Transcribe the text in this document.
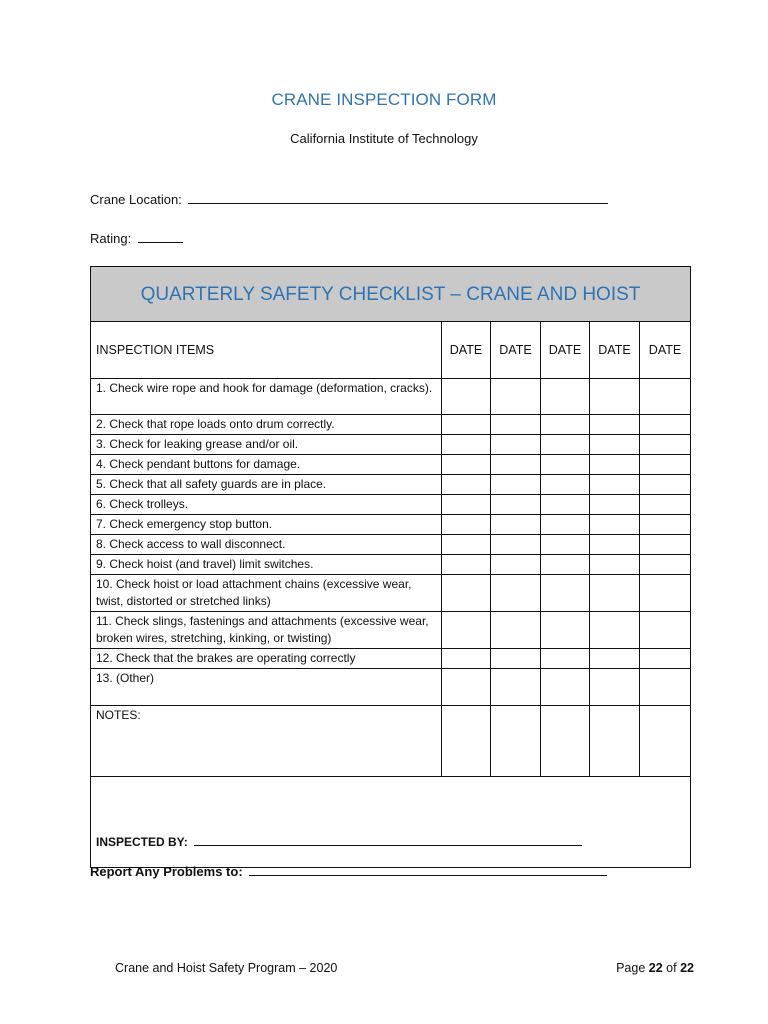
CRANE INSPECTION FORM
California Institute of Technology
Crane Location:
Rating:
QUARTERLY SAFETY CHECKLIST – CRANE AND HOIST					
INSPECTION ITEMS	DATE	DATE	DATE	DATE	DATE
1. Check wire rope and hook for damage (deformation, cracks).					
2. Check that rope loads onto drum correctly.					
3. Check for leaking grease and/or oil.					
4. Check pendant buttons for damage.					
5. Check that all safety guards are in place.					
6. Check trolleys.					
7. Check emergency stop button.					
8. Check access to wall disconnect.					
9. Check hoist (and travel) limit switches.					
10. Check hoist or load attachment chains (excessive wear, twist, distorted or stretched links)					
11. Check slings, fastenings and attachments (excessive wear, broken wires, stretching, kinking, or twisting)					
12. Check that the brakes are operating correctly					
13. (Other)					
NOTES:					
INSPECTED BY:					
Report Any Problems to:
Crane and Hoist Safety Program – 2020	Page 22 of 22
